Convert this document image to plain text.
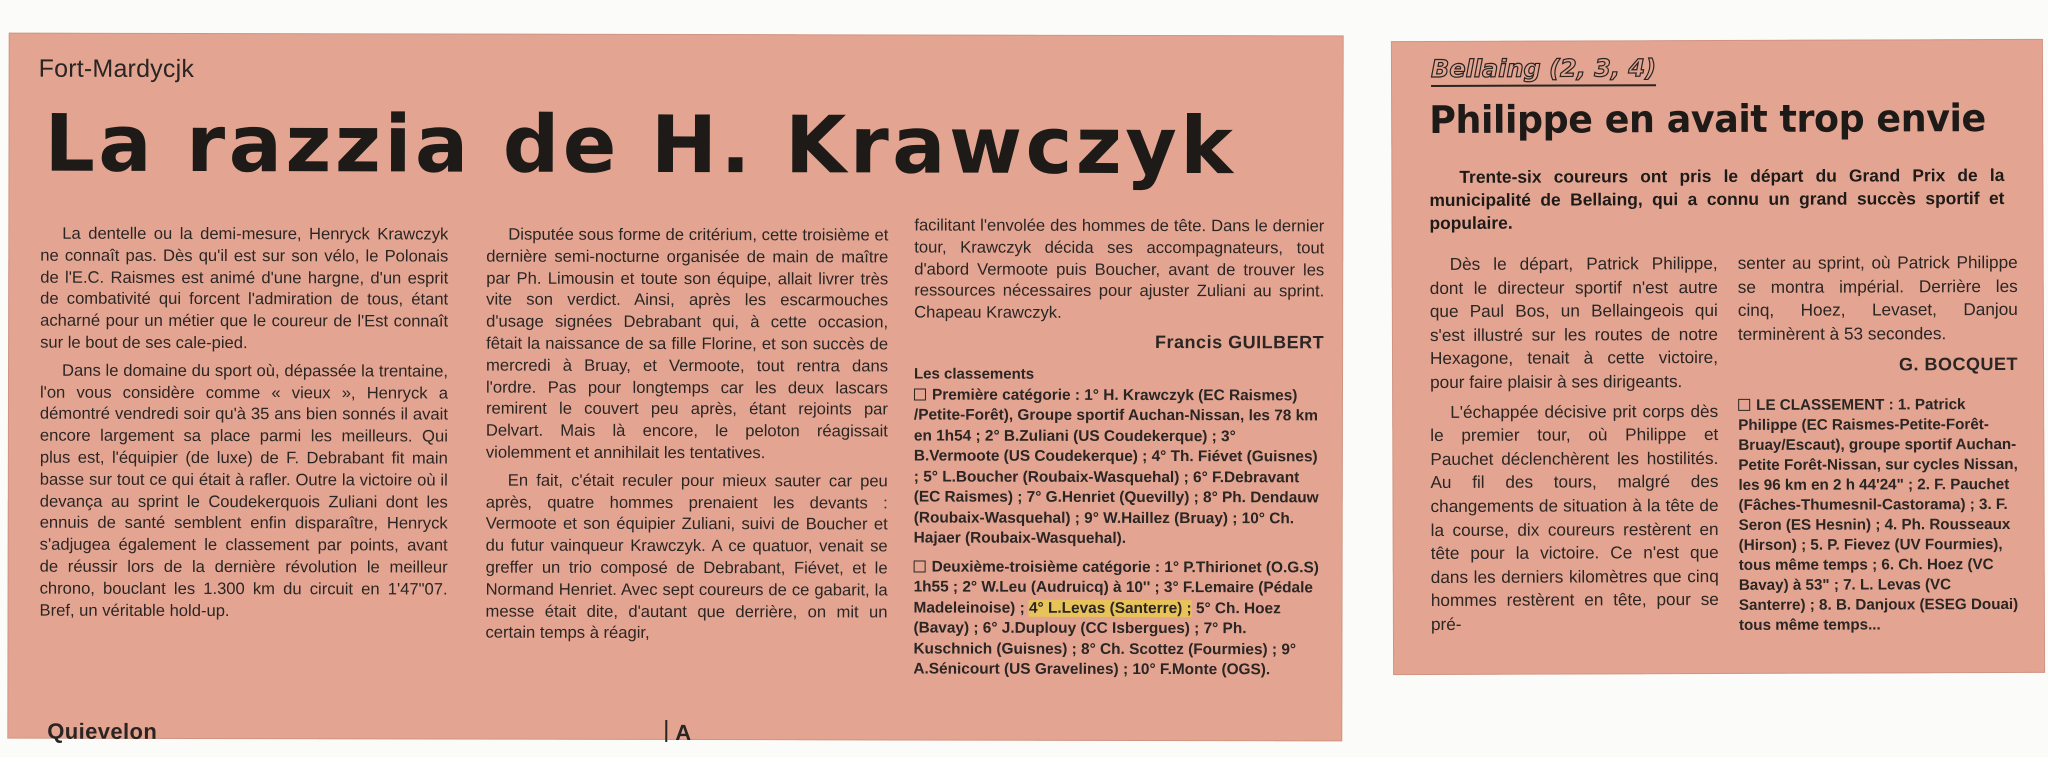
Fort-Mardycjk
La razzia de H. Krawczyk

La dentelle ou la demi-mesure, Henryck Krawczyk ne connaît pas. Dès qu'il est sur son vélo, le Polonais de l'E.C. Raismes est animé d'une hargne, d'un esprit de combativité qui forcent l'admiration de tous, étant acharné pour un métier que le coureur de l'Est connaît sur le bout de ses cale-pied.

Dans le domaine du sport où, dépassée la trentaine, l'on vous considère comme « vieux », Henryck a démontré vendredi soir qu'à 35 ans bien sonnés il avait encore largement sa place parmi les meilleurs. Qui plus est, l'équipier (de luxe) de F. Debrabant fit main basse sur tout ce qui était à rafler. Outre la victoire où il devança au sprint le Coudekerquois Zuliani dont les ennuis de santé semblent enfin disparaître, Henryck s'adjugea également le classement par points, avant de réussir lors de la dernière révolution le meilleur chrono, bouclant les 1.300 km du circuit en 1'47"07. Bref, un véritable hold-up.

Disputée sous forme de critérium, cette troisième et dernière semi-nocturne organisée de main de maître par Ph. Limousin et toute son équipe, allait livrer très vite son verdict. Ainsi, après les escarmouches d'usage signées Debrabant qui, à cette occasion, fêtait la naissance de sa fille Florine, et son succès de mercredi à Bruay, et Vermoote, tout rentra dans l'ordre. Pas pour longtemps car les deux lascars remirent le couvert peu après, étant rejoints par Delvart. Mais là encore, le peloton réagissait violemment et annihilait les tentatives.

En fait, c'était reculer pour mieux sauter car peu après, quatre hommes prenaient les devants : Vermoote et son équipier Zuliani, suivi de Boucher et du futur vainqueur Krawczyk. A ce quatuor, venait se greffer un trio composé de Debrabant, Fiévet, et le Normand Henriet. Avec sept coureurs de ce gabarit, la messe était dite, d'autant que derrière, on mit un certain temps à réagir,

facilitant l'envolée des hommes de tête. Dans le dernier tour, Krawczyk décida ses accompagnateurs, tout d'abord Vermoote puis Boucher, avant de trouver les ressources nécessaires pour ajuster Zuliani au sprint. Chapeau Krawczyk.

Francis GUILBERT
Les classements
Première catégorie : 1° H. Krawczyk (EC Raismes) /Petite-Forêt), Groupe sportif Auchan-Nissan, les 78 km en 1h54 ; 2° B.Zuliani (US Coudekerque) ; 3° B.Vermoote (US Coudekerque) ; 4° Th. Fiévet (Guisnes) ; 5° L.Boucher (Roubaix-Wasquehal) ; 6° F.Debravant (EC Raismes) ; 7° G.Henriet (Quevilly) ; 8° Ph. Dendauw (Roubaix-Wasquehal) ; 9° W.Haillez (Bruay) ; 10° Ch. Hajaer (Roubaix-Wasquehal).
Deuxième-troisième catégorie : 1° P.Thirionet (O.G.S) 1h55 ; 2° W.Leu (Audruicq) à 10'' ; 3° F.Lemaire (Pédale Madeleinoise) ; 4° L.Levas (Santerre) ; 5° Ch. Hoez (Bavay) ; 6° J.Duplouy (CC Isbergues) ; 7° Ph. Kuschnich (Guisnes) ; 8° Ch. Scottez (Fourmies) ; 9° A.Sénicourt (US Gravelines) ; 10° F.Monte (OGS).
Quievelon	A
Bellaing (2, 3, 4)
Philippe en avait trop envie

Trente-six coureurs ont pris le départ du Grand Prix de la municipalité de Bellaing, qui a connu un grand succès sportif et populaire.

Dès le départ, Patrick Philippe, dont le directeur sportif n'est autre que Paul Bos, un Bellaingeois qui s'est illustré sur les routes de notre Hexagone, tenait à cette victoire, pour faire plaisir à ses dirigeants.

L'échappée décisive prit corps dès le premier tour, où Philippe et Pauchet déclenchèrent les hostilités. Au fil des tours, malgré des changements de situation à la tête de la course, dix coureurs restèrent en tête pour la victoire. Ce n'est que dans les derniers kilomètres que cinq hommes restèrent en tête, pour se pré-

senter au sprint, où Patrick Philippe se montra impérial. Derrière les cinq, Hoez, Levaset, Danjou terminèrent à 53 secondes.

G. BOCQUET
LE CLASSEMENT : 1. Patrick Philippe (EC Raismes-Petite-Forêt-Bruay/Escaut), groupe sportif Auchan-Petite Forêt-Nissan, sur cycles Nissan, les 96 km en 2 h 44'24" ; 2. F. Pauchet (Fâches-Thumesnil-Castorama) ; 3. F. Seron (ES Hesnin) ; 4. Ph. Rousseaux (Hirson) ; 5. P. Fievez (UV Fourmies), tous même temps ; 6. Ch. Hoez (VC Bavay) à 53" ; 7. L. Levas (VC Santerre) ; 8. B. Danjoux (ESEG Douai) tous même temps...
